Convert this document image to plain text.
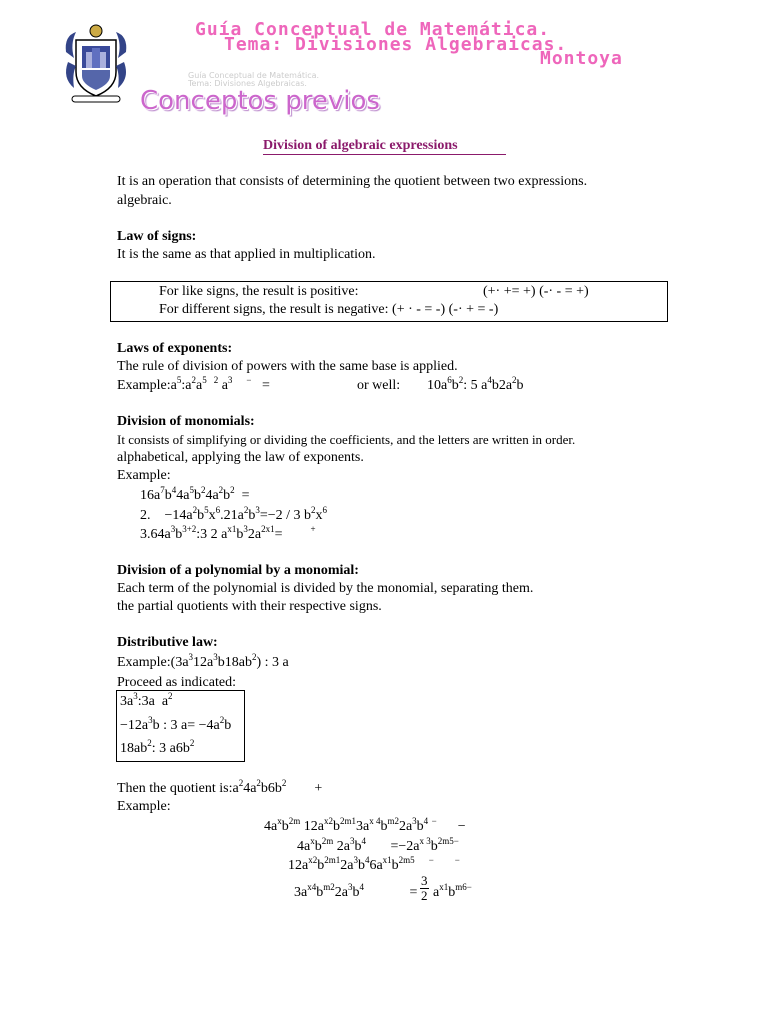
Guía Conceptual de Matemática.
Tema: Divisiones Algebraicas.
Montoya
Guía Conceptual de Matemática.
Tema: Divisiones Algebraicas.
Conceptos previos
Division of algebraic expressions
It is an operation that consists of determining the quotient between two expressions.
algebraic.
Law of signs:
It is the same as that applied in multiplication.
For like signs, the result is positive:	(+· += +) (-· - = +)
For different signs, the result is negative: (+ · - = -) (-· + = -)
Laws of exponents:
The rule of division of powers with the same base is applied.
$Example:a^5:a^2a^5$ $^2$ $a^3$ −   =	or well: $10a^6b^2$: 5 $a^4b2a^2b$
Division of monomials:
It consists of simplifying or dividing the coefficients, and the letters are written in order.
alphabetical, applying the law of exponents.
Example:
$16a^7b^44a^5b^24a^2b^2$  =
2.    $-14a^2b^5x^6.21a^2b^3=-2 / 3$ $b^2x^6$
$3.64a^3b^{3+2}:3$ 2 $a^{x1}b^32a^{2x1}=$        +
Division of a polynomial by a monomial:
Each term of the polynomial is divided by the monomial, separating them.
the partial quotients with their respective signs.
Distributive law:
$Example:(3a^312a^3b18ab^2)$ : 3 a
Proceed as indicated:
$3a^3:3a$  $a^2$
$-12a^3b$ : 3 $a= -4a^2b$
$18ab^2$: 3 $a6b^2$
Then the quotient $is:a^24a^2b6b^2$        +
Example:
$4a^xb^{2m}$ $12a^{x2}b^{2m1}3a^{x 4}b^{m2}2a^3b^4$ −      −
$4a^xb^{2m}$ $2a^3b^4$       $=-2a^{x 3}b^{2m5-}$
$12a^{x2}b^{2m1}2a^3b^46a^{x1}b^{2m5}$ − −
$3a^{x4}b^{m2}2a^3b^4$             = $\frac{3}{2} a^{x1}b^{m6-}$
